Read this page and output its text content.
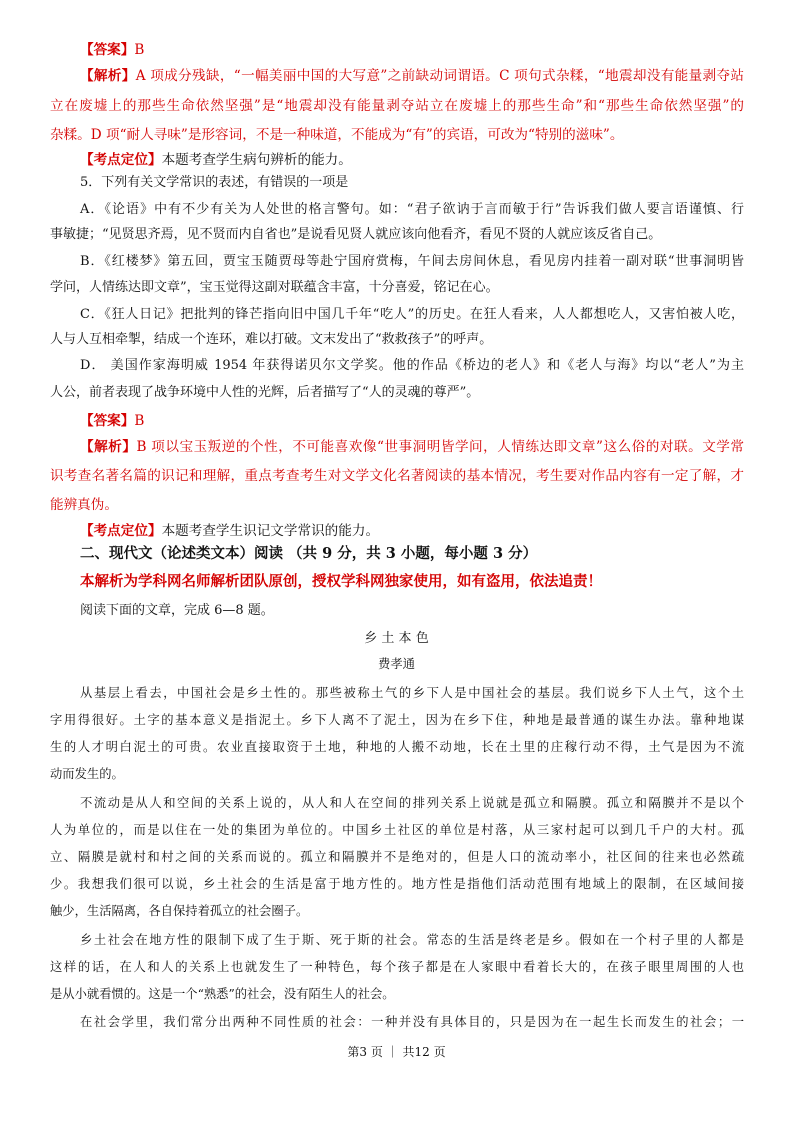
【答案】B
【解析】A 项成分残缺，“一幅美丽中国的大写意”之前缺动词谓语。C 项句式杂糅，“地震却没有能量剥夺站
立在废墟上的那些生命依然坚强”是“地震却没有能量剥夺站立在废墟上的那些生命”和“那些生命依然坚强”的
杂糅。D 项“耐人寻味”是形容词，不是一种味道，不能成为“有”的宾语，可改为“特别的滋味”。
【考点定位】本题考查学生病句辨析的能力。
5．下列有关文学常识的表述，有错误的一项是
A．《论语》中有不少有关为人处世的格言警句。如：“君子欲讷于言而敏于行”告诉我们做人要言语谨慎、行
事敏捷；“见贤思齐焉，见不贤而内自省也”是说看见贤人就应该向他看齐，看见不贤的人就应该反省自己。
B．《红楼梦》第五回，贾宝玉随贾母等赴宁国府赏梅，午间去房间休息，看见房内挂着一副对联“世事洞明皆
学问，人情练达即文章”，宝玉觉得这副对联蕴含丰富，十分喜爱，铭记在心。
C．《狂人日记》把批判的锋芒指向旧中国几千年“吃人”的历史。在狂人看来，人人都想吃人，又害怕被人吃，
人与人互相牵掣，结成一个连环，难以打破。文末发出了“救救孩子”的呼声。
D． 美国作家海明威 1954 年获得诺贝尔文学奖。他的作品《桥边的老人》和《老人与海》均以“老人”为主
人公，前者表现了战争环境中人性的光辉，后者描写了“人的灵魂的尊严”。
【答案】B
【解析】B 项以宝玉叛逆的个性，不可能喜欢像“世事洞明皆学问，人情练达即文章”这么俗的对联。文学常
识考查名著名篇的识记和理解，重点考查考生对文学文化名著阅读的基本情况，考生要对作品内容有一定了解，才
能辨真伪。
【考点定位】本题考查学生识记文学常识的能力。
二、现代文（论述类文本）阅读 （共 9 分，共 3 小题，每小题 3 分）
本解析为学科网名师解析团队原创，授权学科网独家使用，如有盗用，依法追责！
阅读下面的文章，完成 6—8 题。
乡 土 本 色
费孝通
从基层上看去，中国社会是乡土性的。那些被称土气的乡下人是中国社会的基层。我们说乡下人土气，这个土
字用得很好。土字的基本意义是指泥土。乡下人离不了泥土，因为在乡下住，种地是最普通的谋生办法。靠种地谋
生的人才明白泥土的可贵。农业直接取资于土地，种地的人搬不动地，长在土里的庄稼行动不得，土气是因为不流
动而发生的。
不流动是从人和空间的关系上说的，从人和人在空间的排列关系上说就是孤立和隔膜。孤立和隔膜并不是以个
人为单位的，而是以住在一处的集团为单位的。中国乡土社区的单位是村落，从三家村起可以到几千户的大村。孤
立、隔膜是就村和村之间的关系而说的。孤立和隔膜并不是绝对的，但是人口的流动率小，社区间的往来也必然疏
少。我想我们很可以说，乡土社会的生活是富于地方性的。地方性是指他们活动范围有地域上的限制，在区域间接
触少，生活隔离，各自保持着孤立的社会圈子。
乡土社会在地方性的限制下成了生于斯、死于斯的社会。常态的生活是终老是乡。假如在一个村子里的人都是
这样的话，在人和人的关系上也就发生了一种特色，每个孩子都是在人家眼中看着长大的，在孩子眼里周围的人也
是从小就看惯的。这是一个“熟悉”的社会，没有陌生人的社会。
在社会学里，我们常分出两种不同性质的社会：一种并没有具体目的，只是因为在一起生长而发生的社会；一
第3 页 ｜ 共12 页
